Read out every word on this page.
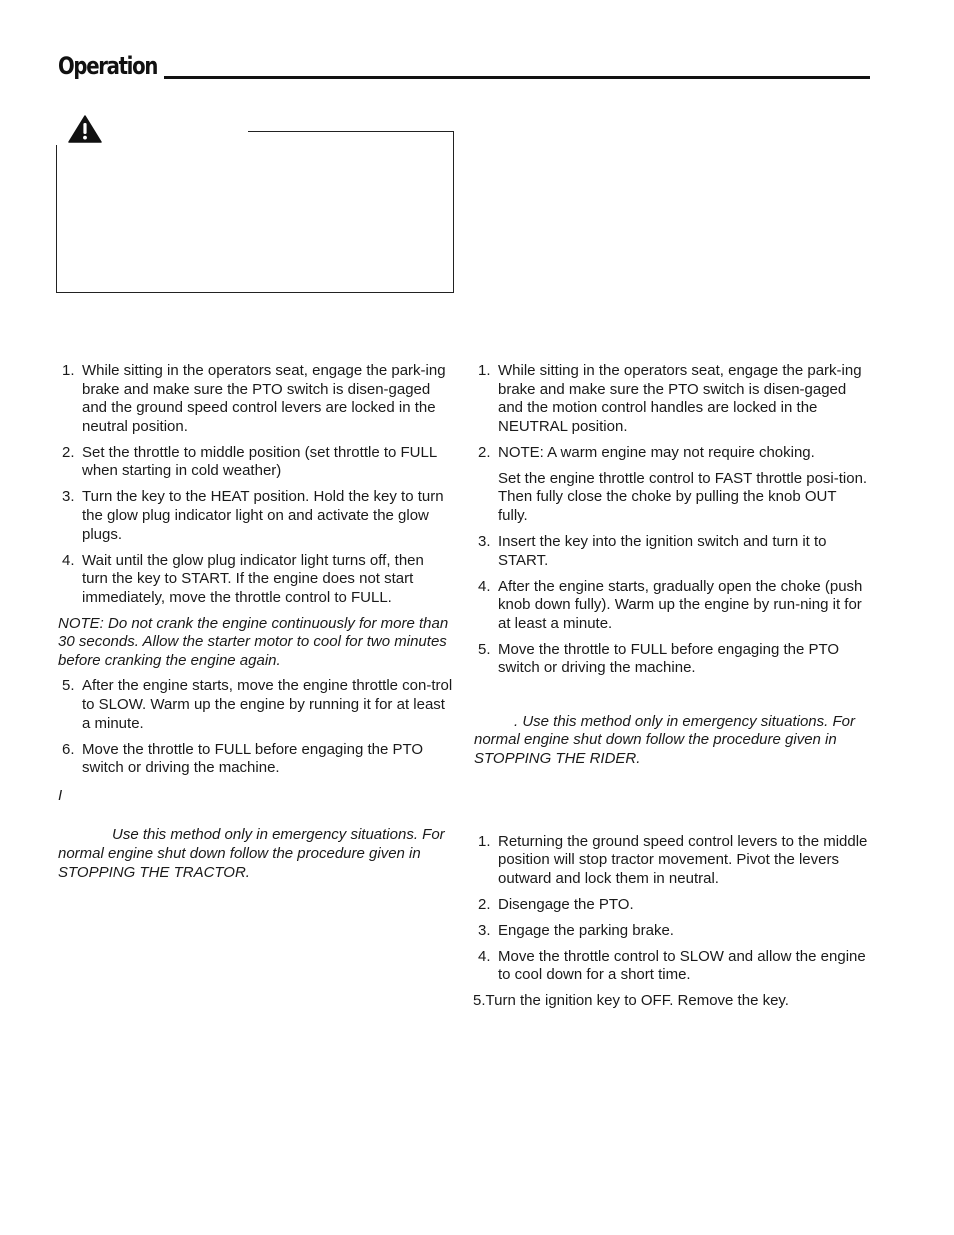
Operation
1. While sitting in the operators seat, engage the park-ing brake and make sure the PTO switch is disen-gaged and the ground speed control levers are locked in the neutral position.
2. Set the throttle to middle position (set throttle to FULL when starting in cold weather)
3. Turn the key to the HEAT position. Hold the key to turn the glow plug indicator light on and activate the glow plugs.
4. Wait until the glow plug indicator light turns off, then turn the key to START. If the engine does not start immediately, move the throttle control to FULL.

NOTE: Do not crank the engine continuously for more than 30 seconds. Allow the starter motor to cool for two minutes before cranking the engine again.

5. After the engine starts, move the engine throttle con-trol to SLOW. Warm up the engine by running it for at least a minute.
6. Move the throttle to FULL before engaging the PTO switch or driving the machine.

I

Use this method only in emergency situations. For normal engine shut down follow the procedure given in STOPPING THE TRACTOR.

1. While sitting in the operators seat, engage the park-ing brake and make sure the PTO switch is disen-gaged and the motion control handles are locked in the NEUTRAL position.
2. NOTE: A warm engine may not require choking.

Set the engine throttle control to FAST throttle posi-tion. Then fully close the choke by pulling the knob OUT fully.

3. Insert the key into the ignition switch and turn it to START.
4. After the engine starts, gradually open the choke (push knob down fully). Warm up the engine by run-ning it for at least a minute.
5. Move the throttle to FULL before engaging the PTO switch or driving the machine.

. Use this method only in emergency situations. For normal engine shut down follow the procedure given in STOPPING THE RIDER.

1. Returning the ground speed control levers to the middle position will stop tractor movement. Pivot the levers outward and lock them in neutral.
2. Disengage the PTO.
3. Engage the parking brake.
4. Move the throttle control to SLOW and allow the engine to cool down for a short time.

5.Turn the ignition key to OFF. Remove the key.
